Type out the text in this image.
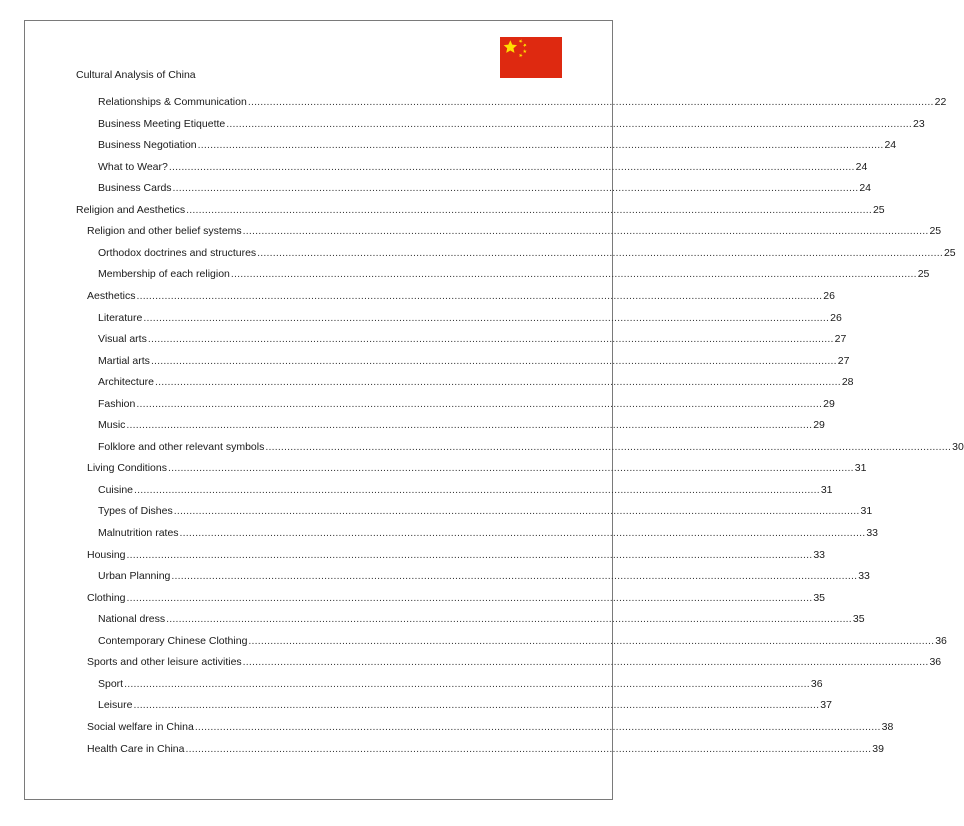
Cultural Analysis of China
Relationships & Communication ............................................................................................................................................................................................................................ 22
Business Meeting Etiquette ............................................................................................................................................................................................................................ 23
Business Negotiation ............................................................................................................................................................................................................................ 24
What to Wear? ............................................................................................................................................................................................................................ 24
Business Cards ............................................................................................................................................................................................................................ 24
Religion and Aesthetics ............................................................................................................................................................................................................................ 25
Religion and other belief systems ............................................................................................................................................................................................................................ 25
Orthodox doctrines and structures ............................................................................................................................................................................................................................ 25
Membership of each religion ............................................................................................................................................................................................................................ 25
Aesthetics ............................................................................................................................................................................................................................ 26
Literature ............................................................................................................................................................................................................................ 26
Visual arts ............................................................................................................................................................................................................................ 27
Martial arts ............................................................................................................................................................................................................................ 27
Architecture ............................................................................................................................................................................................................................ 28
Fashion ............................................................................................................................................................................................................................ 29
Music ............................................................................................................................................................................................................................ 29
Folklore and other relevant symbols ............................................................................................................................................................................................................................ 30
Living Conditions ............................................................................................................................................................................................................................ 31
Cuisine ............................................................................................................................................................................................................................ 31
Types of Dishes ............................................................................................................................................................................................................................ 31
Malnutrition rates ............................................................................................................................................................................................................................ 33
Housing ............................................................................................................................................................................................................................ 33
Urban Planning ............................................................................................................................................................................................................................ 33
Clothing ............................................................................................................................................................................................................................ 35
National dress ............................................................................................................................................................................................................................ 35
Contemporary Chinese Clothing ............................................................................................................................................................................................................................ 36
Sports and other leisure activities ............................................................................................................................................................................................................................ 36
Sport ............................................................................................................................................................................................................................ 36
Leisure ............................................................................................................................................................................................................................ 37
Social welfare in China ............................................................................................................................................................................................................................ 38
Health Care in China ............................................................................................................................................................................................................................ 39
